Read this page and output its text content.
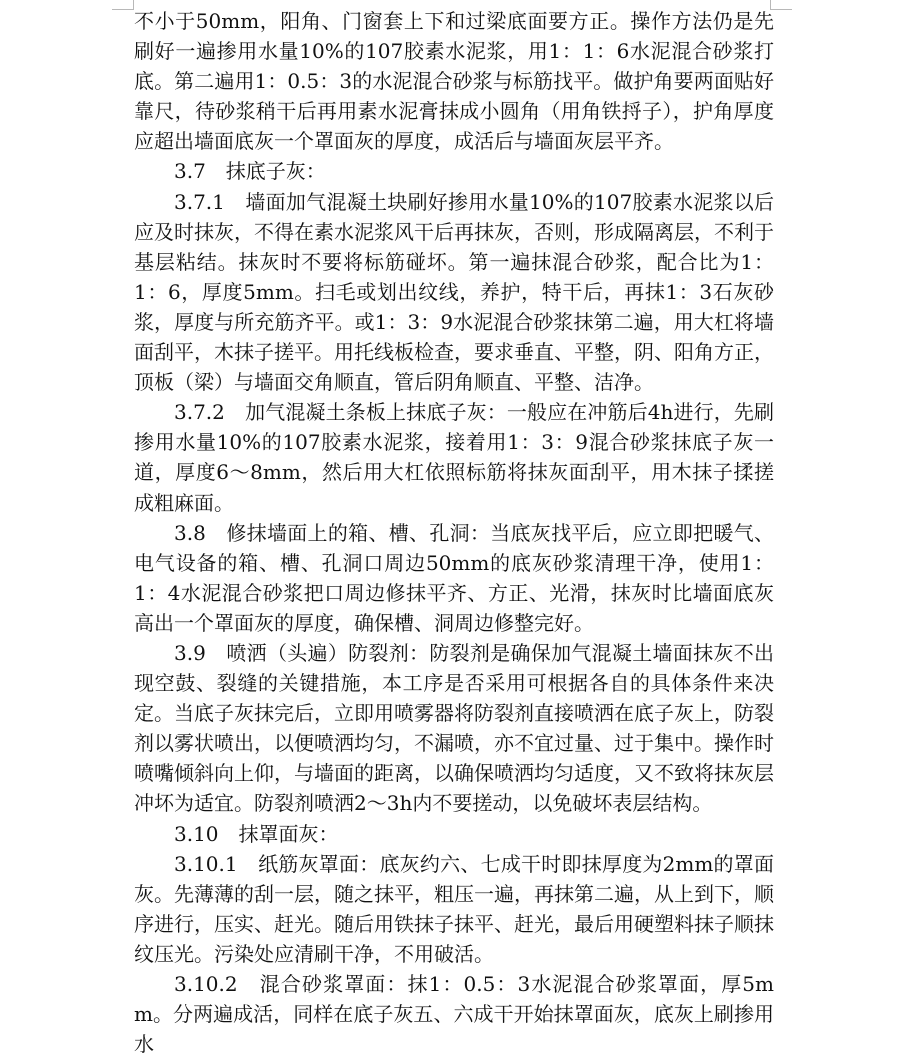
不小于50mm，阳角、门窗套上下和过梁底面要方正。操作方法仍是先刷好一遍掺用水量10%的107胶素水泥浆，用1：1：6水泥混合砂浆打底。第二遍用1：0.5：3的水泥混合砂浆与标筋找平。做护角要两面贴好靠尺，待砂浆稍干后再用素水泥膏抹成小圆角（用角铁捋子），护角厚度应超出墙面底灰一个罩面灰的厚度，成活后与墙面灰层平齐。

3.7　抹底子灰：

3.7.1　墙面加气混凝土块刷好掺用水量10%的107胶素水泥浆以后应及时抹灰，不得在素水泥浆风干后再抹灰，否则，形成隔离层，不利于基层粘结。抹灰时不要将标筋碰坏。第一遍抹混合砂浆，配合比为1：1：6，厚度5mm。扫毛或划出纹线，养护，特干后，再抹1：3石灰砂浆，厚度与所充筋齐平。或1：3：9水泥混合砂浆抹第二遍，用大杠将墙面刮平，木抹子搓平。用托线板检查，要求垂直、平整，阴、阳角方正，顶板（梁）与墙面交角顺直，管后阴角顺直、平整、洁净。

3.7.2　加气混凝土条板上抹底子灰：一般应在冲筋后4h进行，先刷掺用水量10%的107胶素水泥浆，接着用1：3：9混合砂浆抹底子灰一道，厚度6～8mm，然后用大杠依照标筋将抹灰面刮平，用木抹子揉搓成粗麻面。

3.8　修抹墙面上的箱、槽、孔洞：当底灰找平后，应立即把暖气、电气设备的箱、槽、孔洞口周边50mm的底灰砂浆清理干净，使用1：1：4水泥混合砂浆把口周边修抹平齐、方正、光滑，抹灰时比墙面底灰高出一个罩面灰的厚度，确保槽、洞周边修整完好。

3.9　喷洒（头遍）防裂剂：防裂剂是确保加气混凝土墙面抹灰不出现空鼓、裂缝的关键措施，本工序是否采用可根据各自的具体条件来决定。当底子灰抹完后，立即用喷雾器将防裂剂直接喷洒在底子灰上，防裂剂以雾状喷出，以便喷洒均匀，不漏喷，亦不宜过量、过于集中。操作时喷嘴倾斜向上仰，与墙面的距离，以确保喷洒均匀适度，又不致将抹灰层冲坏为适宜。防裂剂喷洒2～3h内不要搓动，以免破坏表层结构。

3.10　抹罩面灰：

3.10.1　纸筋灰罩面：底灰约六、七成干时即抹厚度为2mm的罩面灰。先薄薄的刮一层，随之抹平，粗压一遍，再抹第二遍，从上到下，顺序进行，压实、赶光。随后用铁抹子抹平、赶光，最后用硬塑料抹子顺抹纹压光。污染处应清刷干净，不用破活。

3.10.2　混合砂浆罩面：抹1：0.5：3水泥混合砂浆罩面，厚5mm。分两遍成活，同样在底子灰五、六成干开始抹罩面灰，底灰上刷掺用水
